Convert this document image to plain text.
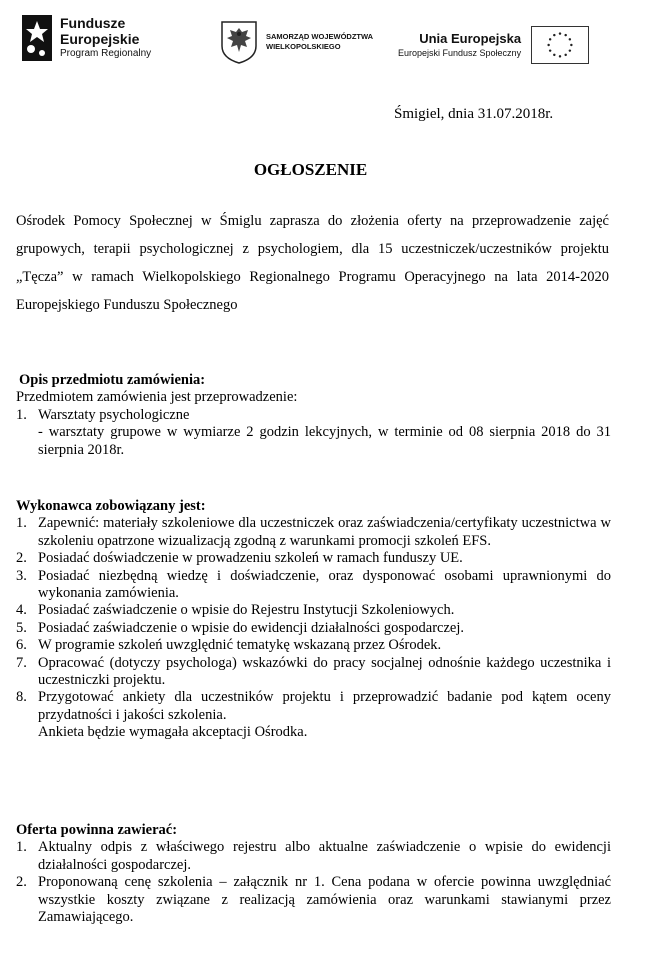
Fundusze
Europejskie
Program Regionalny
SAMORZĄD WOJEWÓDZTWA
WIELKOPOLSKIEGO
Unia Europejska
Europejski Fundusz Społeczny
Śmigiel, dnia 31.07.2018r.
OGŁOSZENIE

Ośrodek Pomocy Społecznej w Śmiglu zaprasza do złożenia oferty na przeprowadzenie zajęć grupowych, terapii psychologicznej z psychologiem, dla 15 uczestniczek/uczestników projektu „Tęcza” w ramach Wielkopolskiego Regionalnego Programu Operacyjnego na lata 2014-2020 Europejskiego Funduszu Społecznego

Opis przedmiotu zamówienia:
Przedmiotem zamówienia jest przeprowadzenie:
1. Warsztaty psychologiczne
- warsztaty grupowe w wymiarze 2 godzin lekcyjnych, w terminie od 08 sierpnia 2018 do 31 sierpnia 2018r.
Wykonawca zobowiązany jest:
1. Zapewnić: materiały szkoleniowe dla uczestniczek oraz zaświadczenia/certyfikaty uczestnictwa w szkoleniu opatrzone wizualizacją zgodną z warunkami promocji szkoleń EFS.
2. Posiadać doświadczenie w prowadzeniu szkoleń w ramach funduszy UE.
3. Posiadać niezbędną wiedzę i doświadczenie, oraz dysponować osobami uprawnionymi do wykonania zamówienia.
4. Posiadać zaświadczenie o wpisie do Rejestru Instytucji Szkoleniowych.
5. Posiadać zaświadczenie o wpisie do ewidencji działalności gospodarczej.
6. W programie szkoleń uwzględnić tematykę wskazaną przez Ośrodek.
7. Opracować (dotyczy psychologa) wskazówki do pracy socjalnej odnośnie każdego uczestnika i uczestniczki projektu.
8. Przygotować ankiety dla uczestników projektu i przeprowadzić badanie pod kątem oceny przydatności i jakości szkolenia.
Ankieta będzie wymagała akceptacji Ośrodka.
Oferta powinna zawierać:
1. Aktualny odpis z właściwego rejestru albo aktualne zaświadczenie o wpisie do ewidencji działalności gospodarczej.
2. Proponowaną cenę szkolenia – załącznik nr 1. Cena podana w ofercie powinna uwzględniać wszystkie koszty związane z realizacją zamówienia oraz warunkami stawianymi przez Zamawiającego.
